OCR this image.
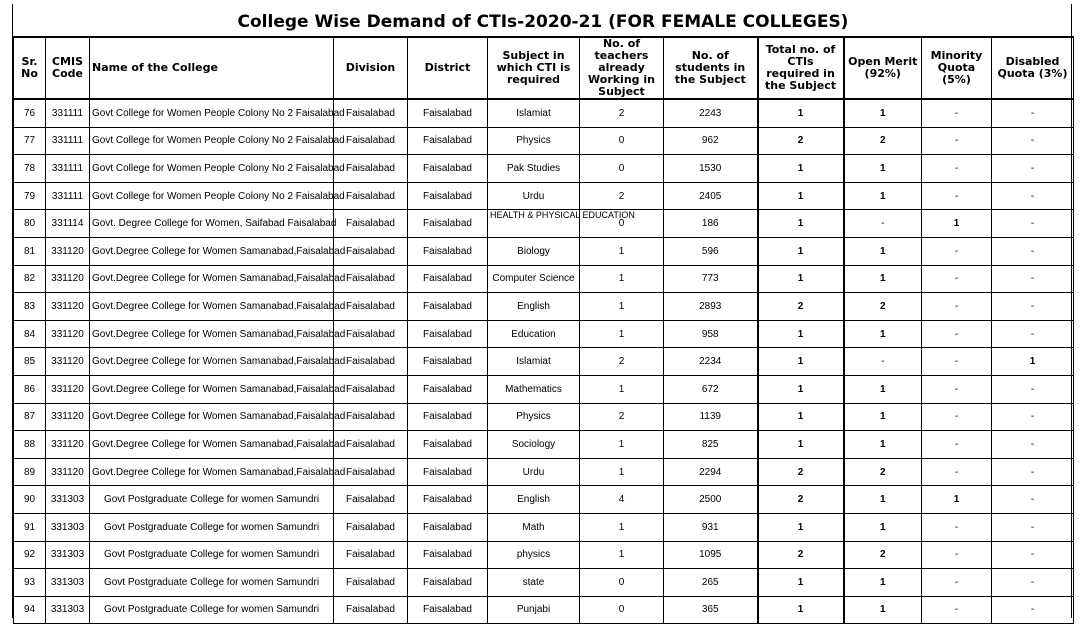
College Wise Demand of CTIs-2020-21 (FOR FEMALE COLLEGES)
Sr. No	CMIS Code	Name of the College	Division	District	Subject in which CTI is required	No. of teachers already Working in Subject	No. of students in the Subject	Total no. of CTIs required in the Subject	Open Merit (92%)	Minority Quota (5%)	Disabled Quota (3%)
76	331111	Govt College for Women People Colony No 2 Faisalabad	Faisalabad	Faisalabad	Islamiat	2	2243	1	1	-	-
77	331111	Govt College for Women People Colony No 2 Faisalabad	Faisalabad	Faisalabad	Physics	0	962	2	2	-	-
78	331111	Govt College for Women People Colony No 2 Faisalabad	Faisalabad	Faisalabad	Pak Studies	0	1530	1	1	-	-
79	331111	Govt College for Women People Colony No 2 Faisalabad	Faisalabad	Faisalabad	Urdu	2	2405	1	1	-	-
80	331114	Govt. Degree College for Women, Saifabad Faisalabad	Faisalabad	Faisalabad	HEALTH & PHYSICAL EDUCATION	0	186	1	-	1	-
81	331120	Govt.Degree College for Women Samanabad,Faisalabad	Faisalabad	Faisalabad	Biology	1	596	1	1	-	-
82	331120	Govt.Degree College for Women Samanabad,Faisalabad	Faisalabad	Faisalabad	Computer Science	1	773	1	1	-	-
83	331120	Govt.Degree College for Women Samanabad,Faisalabad	Faisalabad	Faisalabad	English	1	2893	2	2	-	-
84	331120	Govt.Degree College for Women Samanabad,Faisalabad	Faisalabad	Faisalabad	Education	1	958	1	1	-	-
85	331120	Govt.Degree College for Women Samanabad,Faisalabad	Faisalabad	Faisalabad	Islamiat	2	2234	1	-	-	1
86	331120	Govt.Degree College for Women Samanabad,Faisalabad	Faisalabad	Faisalabad	Mathematics	1	672	1	1	-	-
87	331120	Govt.Degree College for Women Samanabad,Faisalabad	Faisalabad	Faisalabad	Physics	2	1139	1	1	-	-
88	331120	Govt.Degree College for Women Samanabad,Faisalabad	Faisalabad	Faisalabad	Sociology	1	825	1	1	-	-
89	331120	Govt.Degree College for Women Samanabad,Faisalabad	Faisalabad	Faisalabad	Urdu	1	2294	2	2	-	-
90	331303	Govt Postgraduate College for women Samundri	Faisalabad	Faisalabad	English	4	2500	2	1	1	-
91	331303	Govt Postgraduate College for women Samundri	Faisalabad	Faisalabad	Math	1	931	1	1	-	-
92	331303	Govt Postgraduate College for women Samundri	Faisalabad	Faisalabad	physics	1	1095	2	2	-	-
93	331303	Govt Postgraduate College for women Samundri	Faisalabad	Faisalabad	state	0	265	1	1	-	-
94	331303	Govt Postgraduate College for women Samundri	Faisalabad	Faisalabad	Punjabi	0	365	1	1	-	-
